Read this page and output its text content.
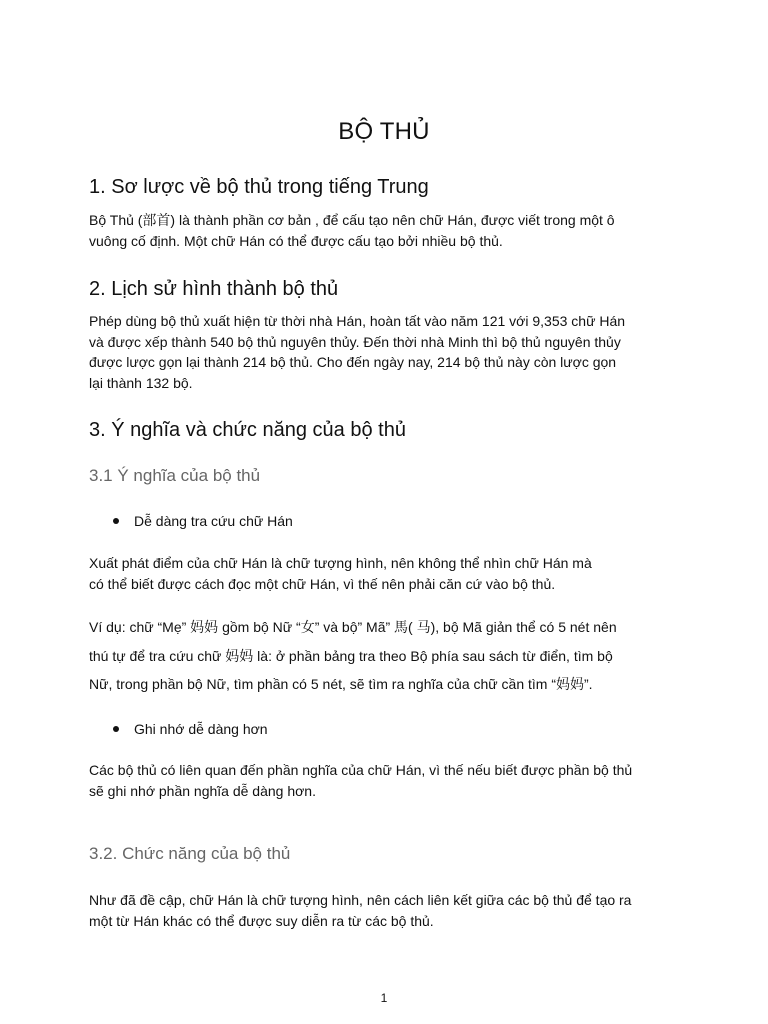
BỘ THỦ
1. Sơ lược về bộ thủ trong tiếng Trung

Bộ Thủ (部首) là thành phần cơ bản , để cấu tạo nên chữ Hán, được viết trong một ô
vuông cố định. Một chữ Hán có thể được cấu tạo bởi nhiều bộ thủ.

2. Lịch sử hình thành bộ thủ

Phép dùng bộ thủ xuất hiện từ thời nhà Hán, hoàn tất vào năm 121 với 9,353 chữ Hán
và được xếp thành 540 bộ thủ nguyên thủy. Đến thời nhà Minh thì bộ thủ nguyên thủy
được lược gọn lại thành 214 bộ thủ. Cho đến ngày nay, 214 bộ thủ này còn lược gọn
lại thành 132 bộ.

3. Ý nghĩa và chức năng của bộ thủ
3.1 Ý nghĩa của bộ thủ
Dễ dàng tra cứu chữ Hán

Xuất phát điểm của chữ Hán là chữ tượng hình, nên không thể nhìn chữ Hán mà
có thể biết được cách đọc một chữ Hán, vì thế nên phải căn cứ vào bộ thủ.

Ví dụ: chữ “Mẹ” 妈妈 gồm bộ Nữ “女” và bộ” Mã” 馬( 马), bộ Mã giản thể có 5 nét nên
thú tự để tra cứu chữ 妈妈 là: ở phần bảng tra theo Bộ phía sau sách từ điển, tìm bộ
Nữ, trong phần bộ Nữ, tìm phần có 5 nét, sẽ tìm ra nghĩa của chữ cần tìm “妈妈”.

Ghi nhớ dễ dàng hơn

Các bộ thủ có liên quan đến phần nghĩa của chữ Hán, vì thế nếu biết được phần bộ thủ
sẽ ghi nhớ phần nghĩa dễ dàng hơn.

3.2. Chức năng của bộ thủ

Như đã đề cập, chữ Hán là chữ tượng hình, nên cách liên kết giữa các bộ thủ để tạo ra
một từ Hán khác có thể được suy diễn ra từ các bộ thủ.

1
